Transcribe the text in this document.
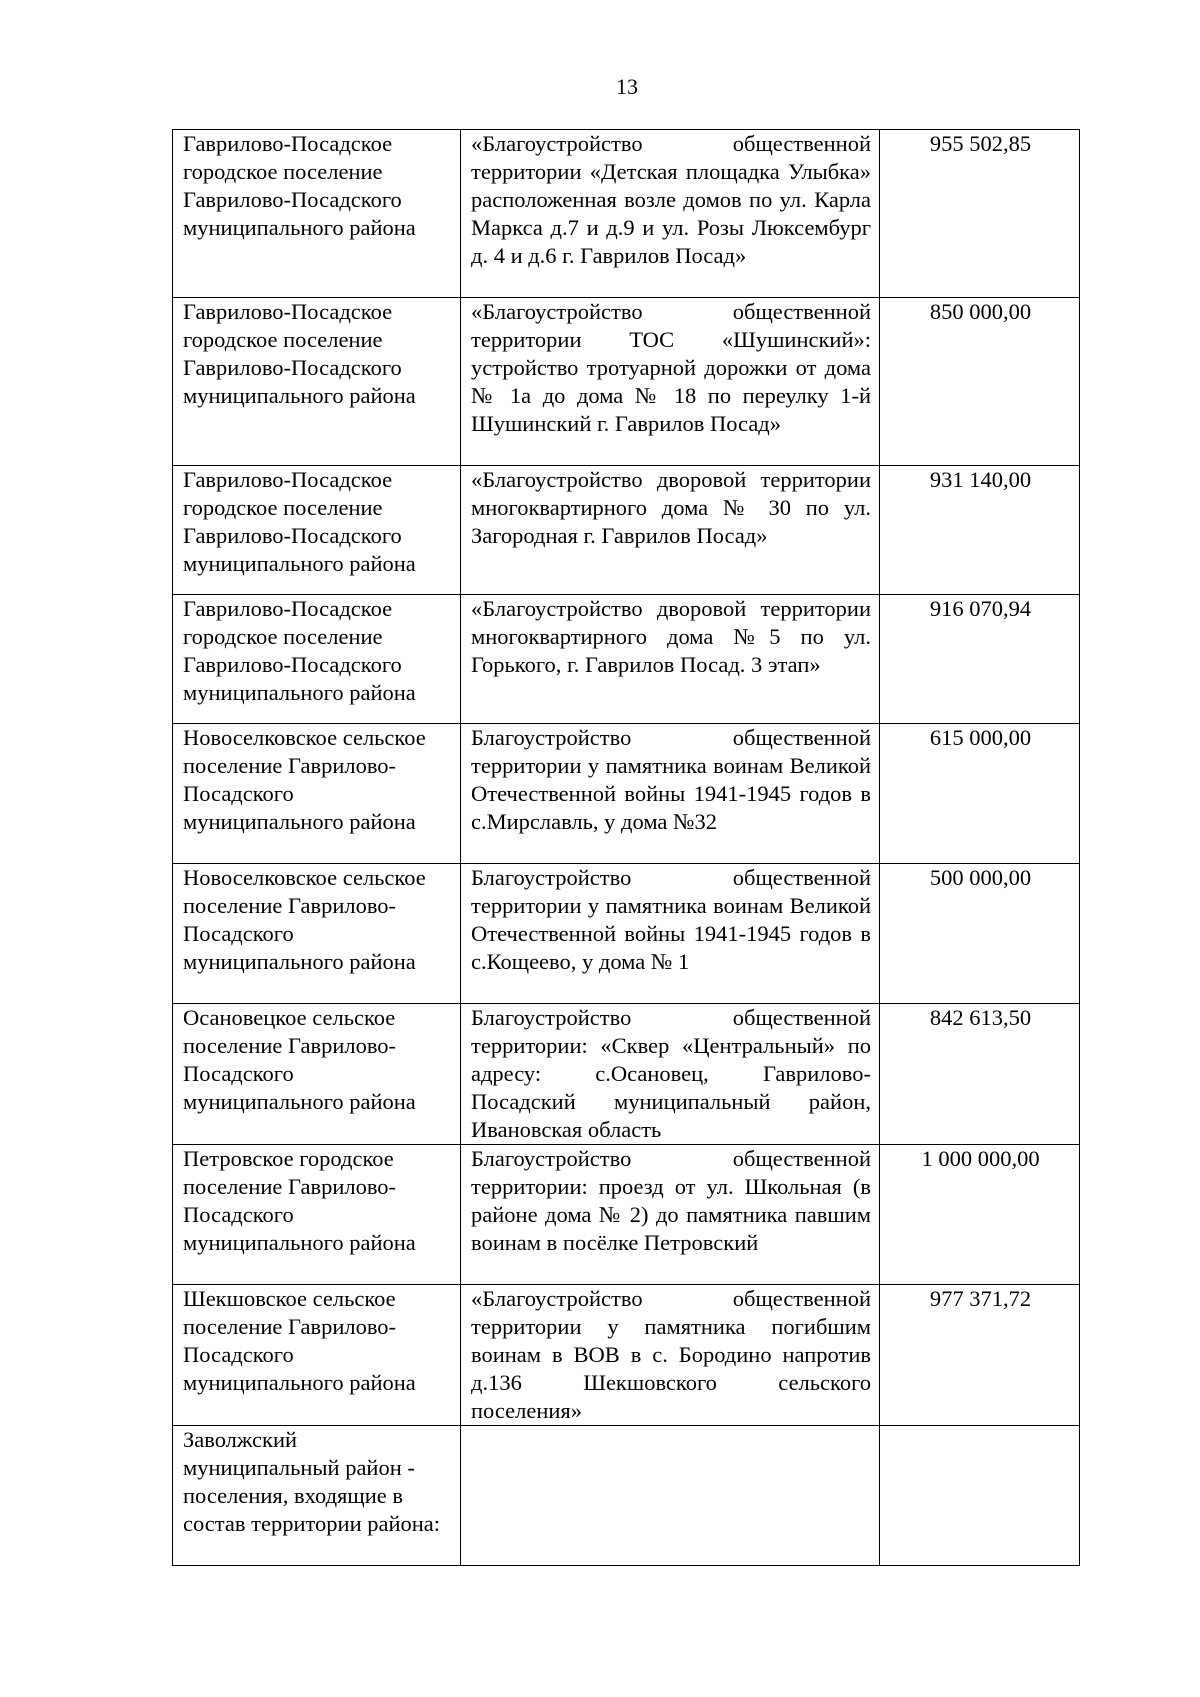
13
Гаврилово-Посадское городское поселение Гаврилово-Посадского муниципального района	«Благоустройство общественной территории «Детская площадка Улыбка» расположенная возле домов по ул. Карла Маркса д.7 и д.9 и ул. Розы Люксембург д. 4 и д.6 г. Гаврилов Посад»	955 502,85

Гаврилово-Посадское городское поселение Гаврилово-Посадского муниципального района	«Благоустройство общественной территории ТОС «Шушинский»: устройство тротуарной дорожки от дома № 1а до дома № 18 по переулку 1-й Шушинский г. Гаврилов Посад»	850 000,00

Гаврилово-Посадское городское поселение Гаврилово-Посадского муниципального района	«Благоустройство дворовой территории многоквартирного дома № 30 по ул. Загородная г. Гаврилов Посад»	931 140,00

Гаврилово-Посадское городское поселение Гаврилово-Посадского муниципального района	«Благоустройство дворовой территории многоквартирного дома №5 по ул. Горького, г. Гаврилов Посад. 3 этап»	916 070,94

Новоселковское сельское поселение Гаврилово-Посадского муниципального района	Благоустройство общественной территории у памятника воинам Великой Отечественной войны 1941-1945 годов в с.Мирславль, у дома №32	615 000,00

Новоселковское сельское поселение Гаврилово-Посадского муниципального района	Благоустройство общественной территории у памятника воинам Великой Отечественной войны 1941-1945 годов в с.Кощеево, у дома № 1	500 000,00

Осановецкое сельское поселение Гаврилово-Посадского муниципального района	Благоустройство общественной территории: «Сквер «Центральный» по адресу: с.Осановец, Гаврилово-Посадский муниципальный район, Ивановская область	842 613,50

Петровское городское поселение Гаврилово-Посадского муниципального района	Благоустройство общественной территории: проезд от ул. Школьная (в районе дома № 2) до памятника павшим воинам в посёлке Петровский	1 000 000,00

Шекшовское сельское поселение Гаврилово-Посадского муниципального района	«Благоустройство общественной территории у памятника погибшим воинам в ВОВ в с. Бородино напротив д.136 Шекшовского сельского поселения»	977 371,72

Заволжский муниципальный район - поселения, входящие в состав территории района:		
